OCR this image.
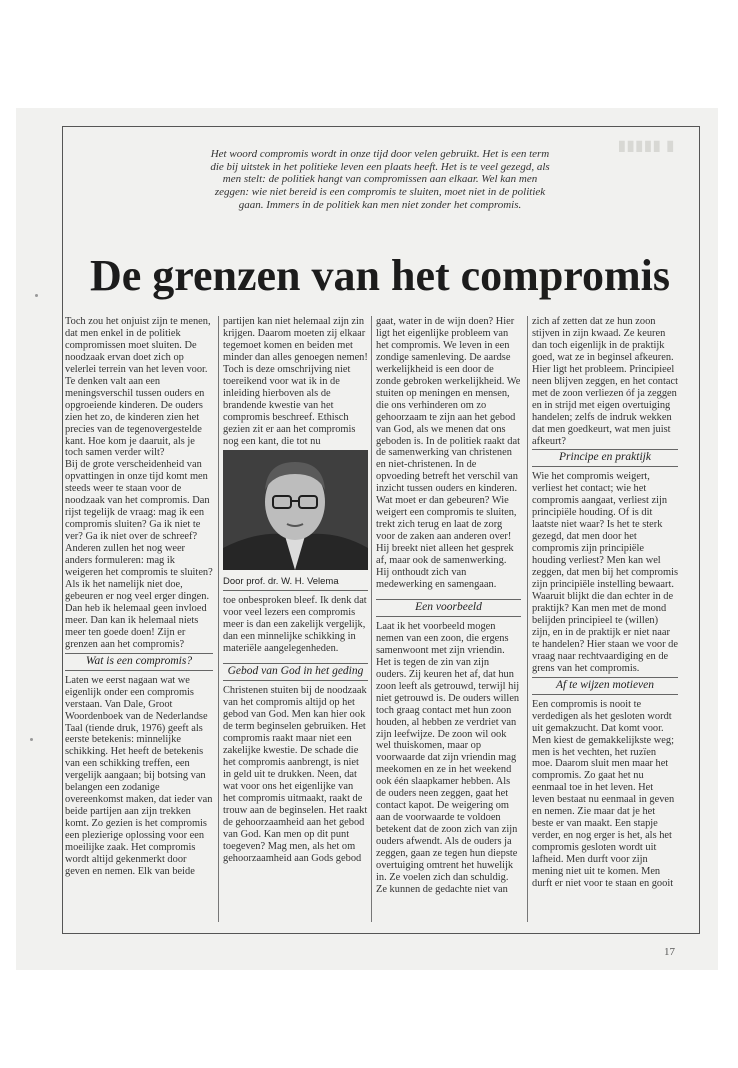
▮▮▮▮▮ ▮
Het woord compromis wordt in onze tijd door velen gebruikt. Het is een term die bij uitstek in het politieke leven een plaats heeft. Het is te veel gezegd, als men stelt: de politiek hangt van compromissen aan elkaar. Wel kan men zeggen: wie niet bereid is een compromis te sluiten, moet niet in de politiek gaan. Immers in de politiek kan men niet zonder het compromis.
De grenzen van het compromis

Toch zou het onjuist zijn te menen, dat men enkel in de politiek compromissen moet sluiten. De noodzaak ervan doet zich op velerlei terrein van het leven voor. Te denken valt aan een meningsverschil tussen ouders en opgroeiende kinderen. De ouders zien het zo, de kinderen zien het precies van de tegenovergestelde kant. Hoe kom je daaruit, als je toch samen verder wilt?

Bij de grote verscheidenheid van opvattingen in onze tijd komt men steeds weer te staan voor de noodzaak van het compromis. Dan rijst tegelijk de vraag: mag ik een compromis sluiten? Ga ik niet te ver? Ga ik niet over de schreef? Anderen zullen het nog weer anders formuleren: mag ik weigeren het compromis te sluiten? Als ik het namelijk niet doe, gebeuren er nog veel erger dingen. Dan heb ik helemaal geen invloed meer. Dan kan ik helemaal niets meer ten goede doen! Zijn er grenzen aan het compromis?

Wat is een compromis?

Laten we eerst nagaan wat we eigenlijk onder een compromis verstaan. Van Dale, Groot Woordenboek van de Nederlandse Taal (tiende druk, 1976) geeft als eerste betekenis: minnelijke schikking. Het heeft de betekenis van een schikking treffen, een vergelijk aangaan; bij botsing van belangen een zodanige overeenkomst maken, dat ieder van beide partijen aan zijn trekken komt. Zo gezien is het compromis een plezierige oplossing voor een moeilijke zaak. Het compromis wordt altijd gekenmerkt door geven en nemen. Elk van beide

partijen kan niet helemaal zijn zin krijgen. Daarom moeten zij elkaar tegemoet komen en beiden met minder dan alles genoegen nemen!

Toch is deze omschrijving niet toereikend voor wat ik in de inleiding hierboven als de brandende kwestie van het compromis beschreef. Ethisch gezien zit er aan het compromis nog een kant, die tot nu

Door prof. dr. W. H. Velema

toe onbesproken bleef. Ik denk dat voor veel lezers een compromis meer is dan een zakelijk vergelijk, dan een minnelijke schikking in materiële aangelegenheden.

Gebod van God in het geding

Christenen stuiten bij de noodzaak van het compromis altijd op het gebod van God. Men kan hier ook de term beginselen gebruiken. Het compromis raakt maar niet een zakelijke kwestie. De schade die het compromis aanbrengt, is niet in geld uit te drukken. Neen, dat wat voor ons het eigenlijke van het compromis uitmaakt, raakt de trouw aan de beginselen. Het raakt de gehoorzaamheid aan het gebod van God. Kan men op dit punt toegeven? Mag men, als het om gehoorzaamheid aan Gods gebod

gaat, water in de wijn doen? Hier ligt het eigenlijke probleem van het compromis. We leven in een zondige samenleving. De aardse werkelijkheid is een door de zonde gebroken werkelijkheid. We stuiten op meningen en mensen, die ons verhinderen om zo gehoorzaam te zijn aan het gebod van God, als we menen dat ons geboden is. In de politiek raakt dat de samenwerking van christenen en niet-christenen. In de opvoeding betreft het verschil van inzicht tussen ouders en kinderen. Wat moet er dan gebeuren? Wie weigert een compromis te sluiten, trekt zich terug en laat de zorg voor de zaken aan anderen over! Hij breekt niet alleen het gesprek af, maar ook de samenwerking. Hij onthoudt zich van medewerking en samengaan.

Een voorbeeld

Laat ik het voorbeeld mogen nemen van een zoon, die ergens samenwoont met zijn vriendin. Het is tegen de zin van zijn ouders. Zij keuren het af, dat hun zoon leeft als getrouwd, terwijl hij niet getrouwd is. De ouders willen toch graag contact met hun zoon houden, al hebben ze verdriet van zijn leefwijze. De zoon wil ook wel thuiskomen, maar op voorwaarde dat zijn vriendin mag meekomen en ze in het weekend ook één slaapkamer hebben. Als de ouders neen zeggen, gaat het contact kapot. De weigering om aan de voorwaarde te voldoen betekent dat de zoon zich van zijn ouders afwendt. Als de ouders ja zeggen, gaan ze tegen hun diepste overtuiging omtrent het huwelijk in. Ze voelen zich dan schuldig. Ze kunnen de gedachte niet van

zich af zetten dat ze hun zoon stijven in zijn kwaad. Ze keuren dan toch eigenlijk in de praktijk goed, wat ze in beginsel afkeuren. Hier ligt het probleem. Principieel neen blijven zeggen, en het contact met de zoon verliezen óf ja zeggen en in strijd met eigen overtuiging handelen; zelfs de indruk wekken dat men goedkeurt, wat men juist afkeurt?

Principe en praktijk

Wie het compromis weigert, verliest het contact; wie het compromis aangaat, verliest zijn principiële houding. Of is dit laatste niet waar? Is het te sterk gezegd, dat men door het compromis zijn principiële houding verliest? Men kan wel zeggen, dat men bij het compromis zijn principiële instelling bewaart. Waaruit blijkt die dan echter in de praktijk? Kan men met de mond belijden principieel te (willen) zijn, en in de praktijk er niet naar te handelen? Hier staan we voor de vraag naar rechtvaardiging en de grens van het compromis.

Af te wijzen motieven

Een compromis is nooit te verdedigen als het gesloten wordt uit gemakzucht. Dat komt voor. Men kiest de gemakkelijkste weg; men is het vechten, het ruzïen moe. Daarom sluit men maar het compromis. Zo gaat het nu eenmaal toe in het leven. Het leven bestaat nu eenmaal in geven en nemen. Zie maar dat je het beste er van maakt. Een stapje verder, en nog erger is het, als het compromis gesloten wordt uit lafheid. Men durft voor zijn mening niet uit te komen. Men durft er niet voor te staan en gooit

17
